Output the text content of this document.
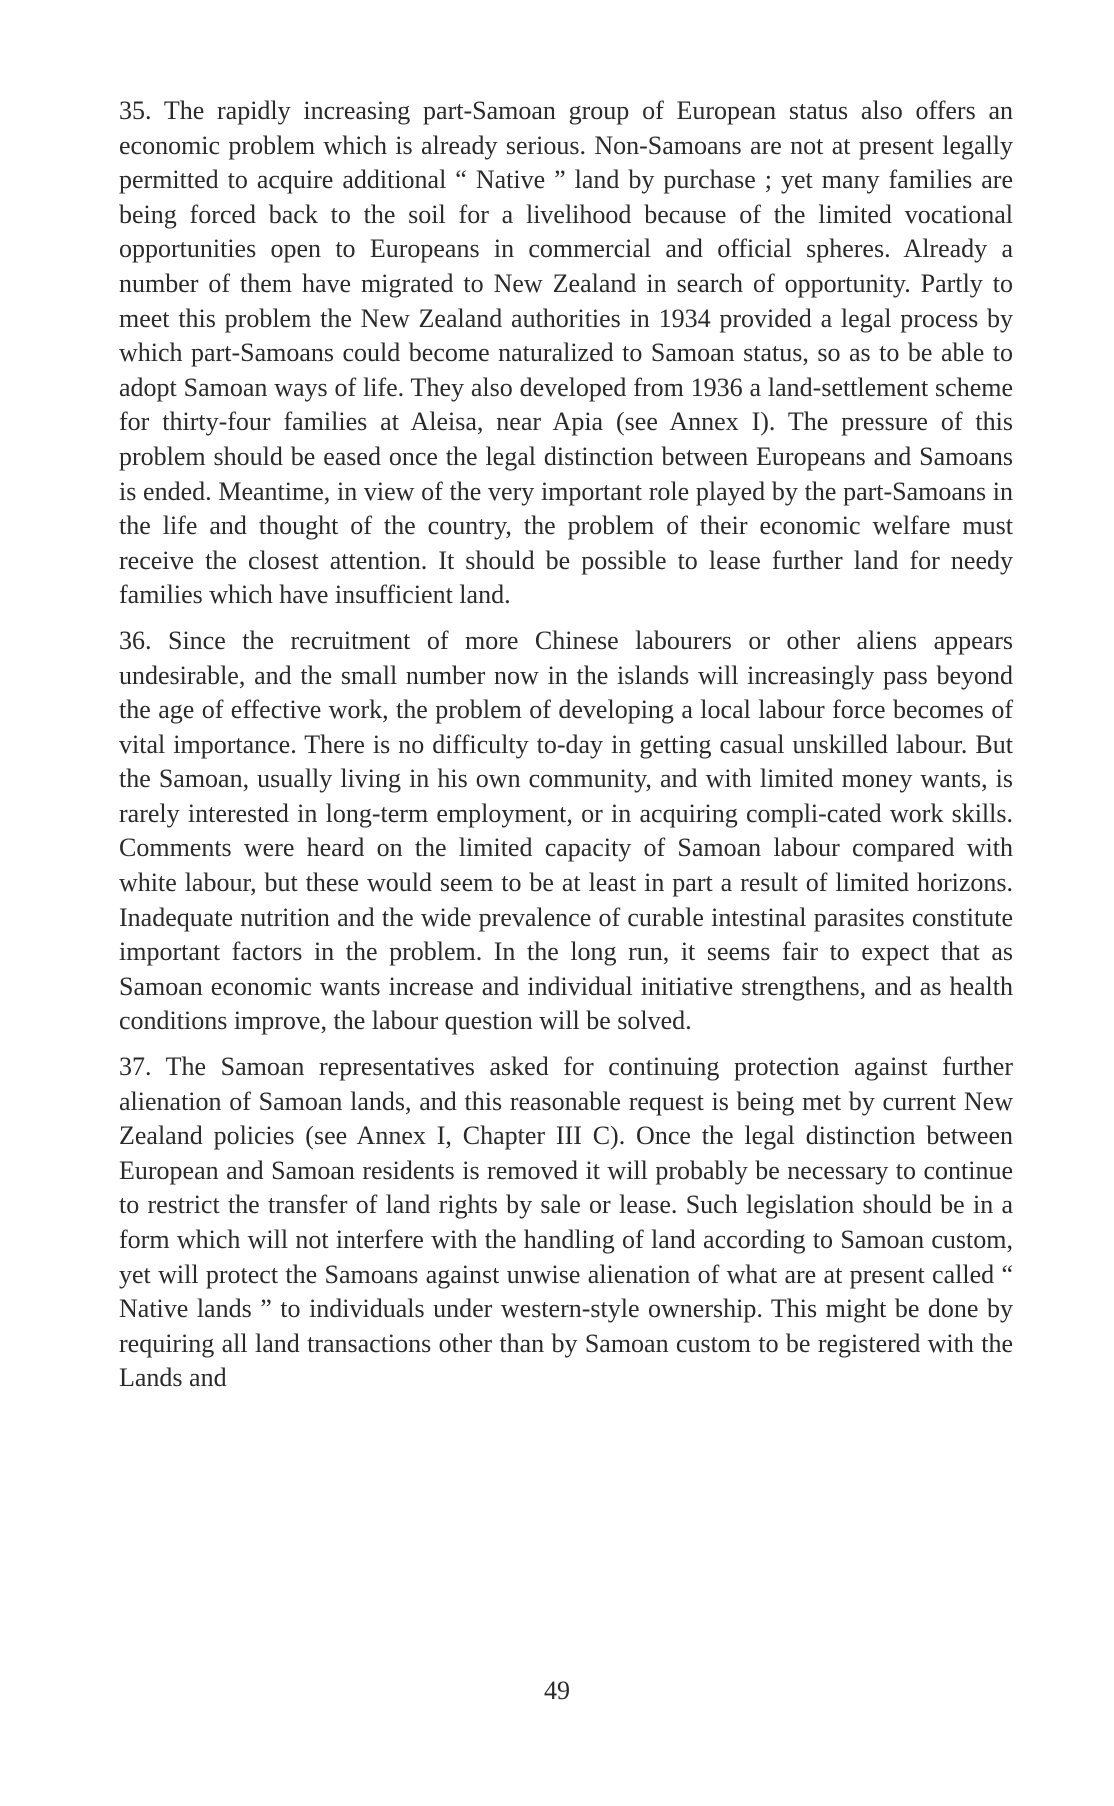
35. The rapidly increasing part-Samoan group of European status also offers an economic problem which is already serious. Non-Samoans are not at present legally permitted to acquire additional “ Native ” land by purchase ; yet many families are being forced back to the soil for a livelihood because of the limited vocational opportunities open to Europeans in commercial and official spheres. Already a number of them have migrated to New Zealand in search of opportunity. Partly to meet this problem the New Zealand authorities in 1934 provided a legal process by which part-Samoans could become naturalized to Samoan status, so as to be able to adopt Samoan ways of life. They also developed from 1936 a land-settlement scheme for thirty-four families at Aleisa, near Apia (see Annex I). The pressure of this problem should be eased once the legal distinction between Europeans and Samoans is ended. Meantime, in view of the very important role played by the part-Samoans in the life and thought of the country, the problem of their economic welfare must receive the closest attention. It should be possible to lease further land for needy families which have insufficient land.

36. Since the recruitment of more Chinese labourers or other aliens appears undesirable, and the small number now in the islands will increasingly pass beyond the age of effective work, the problem of developing a local labour force becomes of vital importance. There is no difficulty to-day in getting casual unskilled labour. But the Samoan, usually living in his own community, and with limited money wants, is rarely interested in long-term employment, or in acquiring compli-cated work skills. Comments were heard on the limited capacity of Samoan labour compared with white labour, but these would seem to be at least in part a result of limited horizons. Inadequate nutrition and the wide prevalence of curable intestinal parasites constitute important factors in the problem. In the long run, it seems fair to expect that as Samoan economic wants increase and individual initiative strengthens, and as health conditions improve, the labour question will be solved.

37. The Samoan representatives asked for continuing protection against further alienation of Samoan lands, and this reasonable request is being met by current New Zealand policies (see Annex I, Chapter III C). Once the legal distinction between European and Samoan residents is removed it will probably be necessary to continue to restrict the transfer of land rights by sale or lease. Such legislation should be in a form which will not interfere with the handling of land according to Samoan custom, yet will protect the Samoans against unwise alienation of what are at present called “ Native lands ” to individuals under western-style ownership. This might be done by requiring all land transactions other than by Samoan custom to be registered with the Lands and

49
